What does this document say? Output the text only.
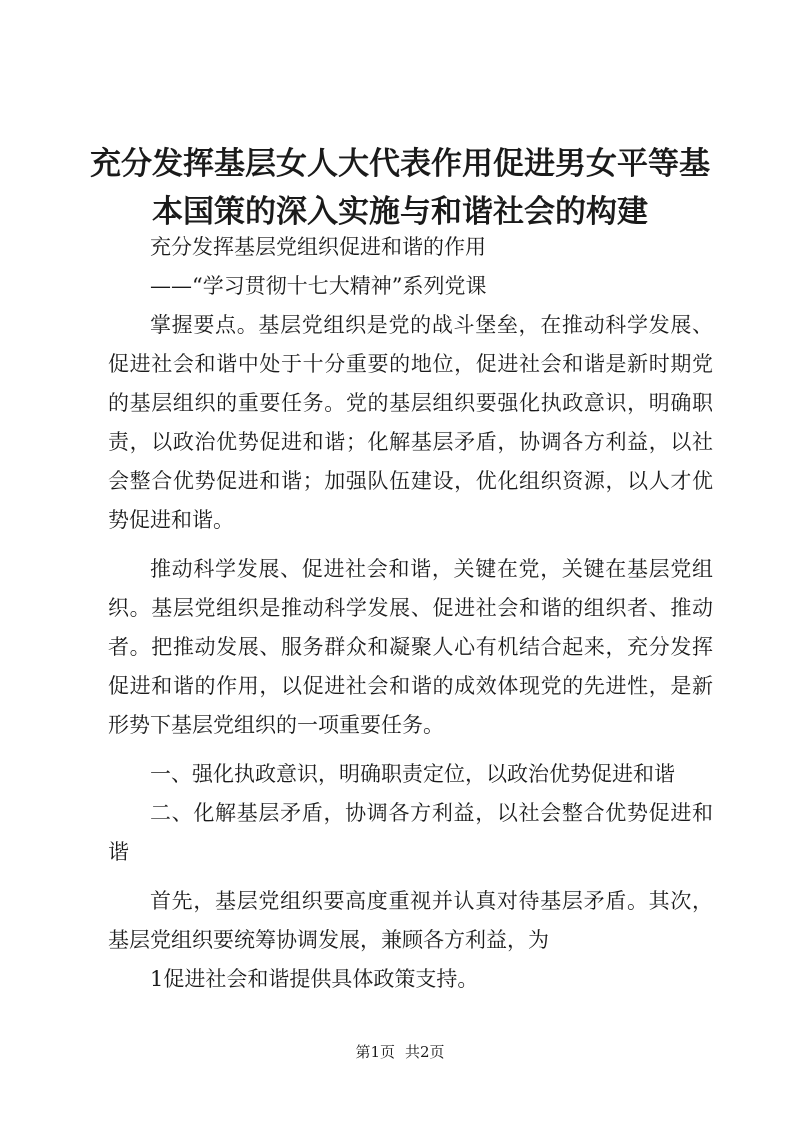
充分发挥基层女人大代表作用促进男女平等基
本国策的深入实施与和谐社会的构建

充分发挥基层党组织促进和谐的作用

——“学习贯彻十七大精神”系列党课

掌握要点。基层党组织是党的战斗堡垒，在推动科学发展、促进社会和谐中处于十分重要的地位，促进社会和谐是新时期党的基层组织的重要任务。党的基层组织要强化执政意识，明确职责，以政治优势促进和谐；化解基层矛盾，协调各方利益，以社会整合优势促进和谐；加强队伍建设，优化组织资源，以人才优势促进和谐。

推动科学发展、促进社会和谐，关键在党，关键在基层党组织。基层党组织是推动科学发展、促进社会和谐的组织者、推动者。把推动发展、服务群众和凝聚人心有机结合起来，充分发挥促进和谐的作用，以促进社会和谐的成效体现党的先进性，是新形势下基层党组织的一项重要任务。

一、强化执政意识，明确职责定位，以政治优势促进和谐

二、化解基层矛盾，协调各方利益，以社会整合优势促进和谐

首先，基层党组织要高度重视并认真对待基层矛盾。其次，基层党组织要统筹协调发展，兼顾各方利益，为

1促进社会和谐提供具体政策支持。

第1页 共2页
